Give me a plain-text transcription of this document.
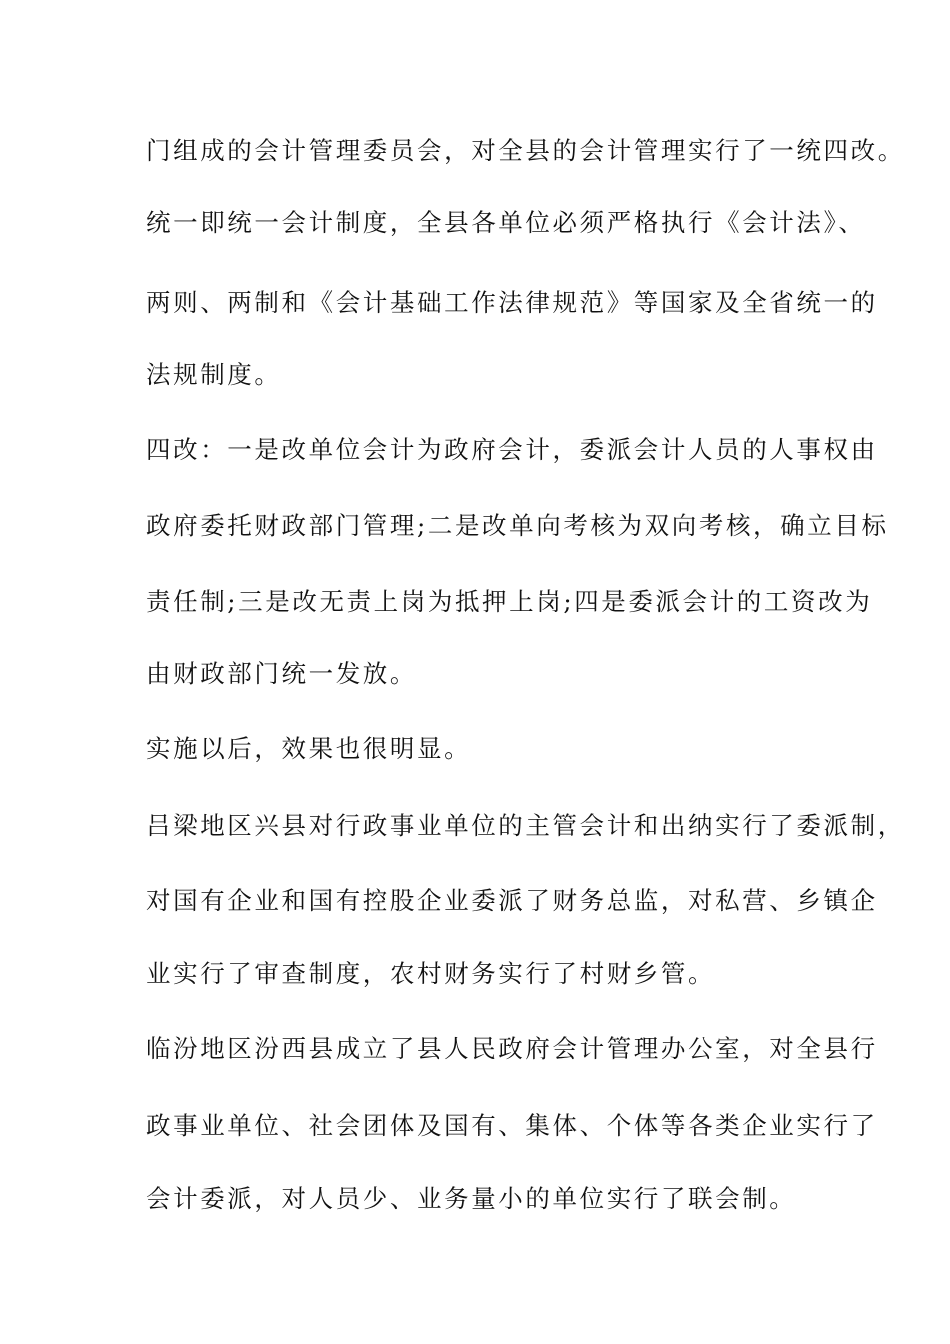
门组成的会计管理委员会，对全县的会计管理实行了一统四改。
统一即统一会计制度，全县各单位必须严格执行《会计法》、
两则、两制和《会计基础工作法律规范》等国家及全省统一的
法规制度。
四改：一是改单位会计为政府会计，委派会计人员的人事权由
政府委托财政部门管理;二是改单向考核为双向考核，确立目标
责任制;三是改无责上岗为抵押上岗;四是委派会计的工资改为
由财政部门统一发放。
实施以后，效果也很明显。
吕梁地区兴县对行政事业单位的主管会计和出纳实行了委派制，
对国有企业和国有控股企业委派了财务总监，对私营、乡镇企
业实行了审查制度，农村财务实行了村财乡管。
临汾地区汾西县成立了县人民政府会计管理办公室，对全县行
政事业单位、社会团体及国有、集体、个体等各类企业实行了
会计委派，对人员少、业务量小的单位实行了联会制。
